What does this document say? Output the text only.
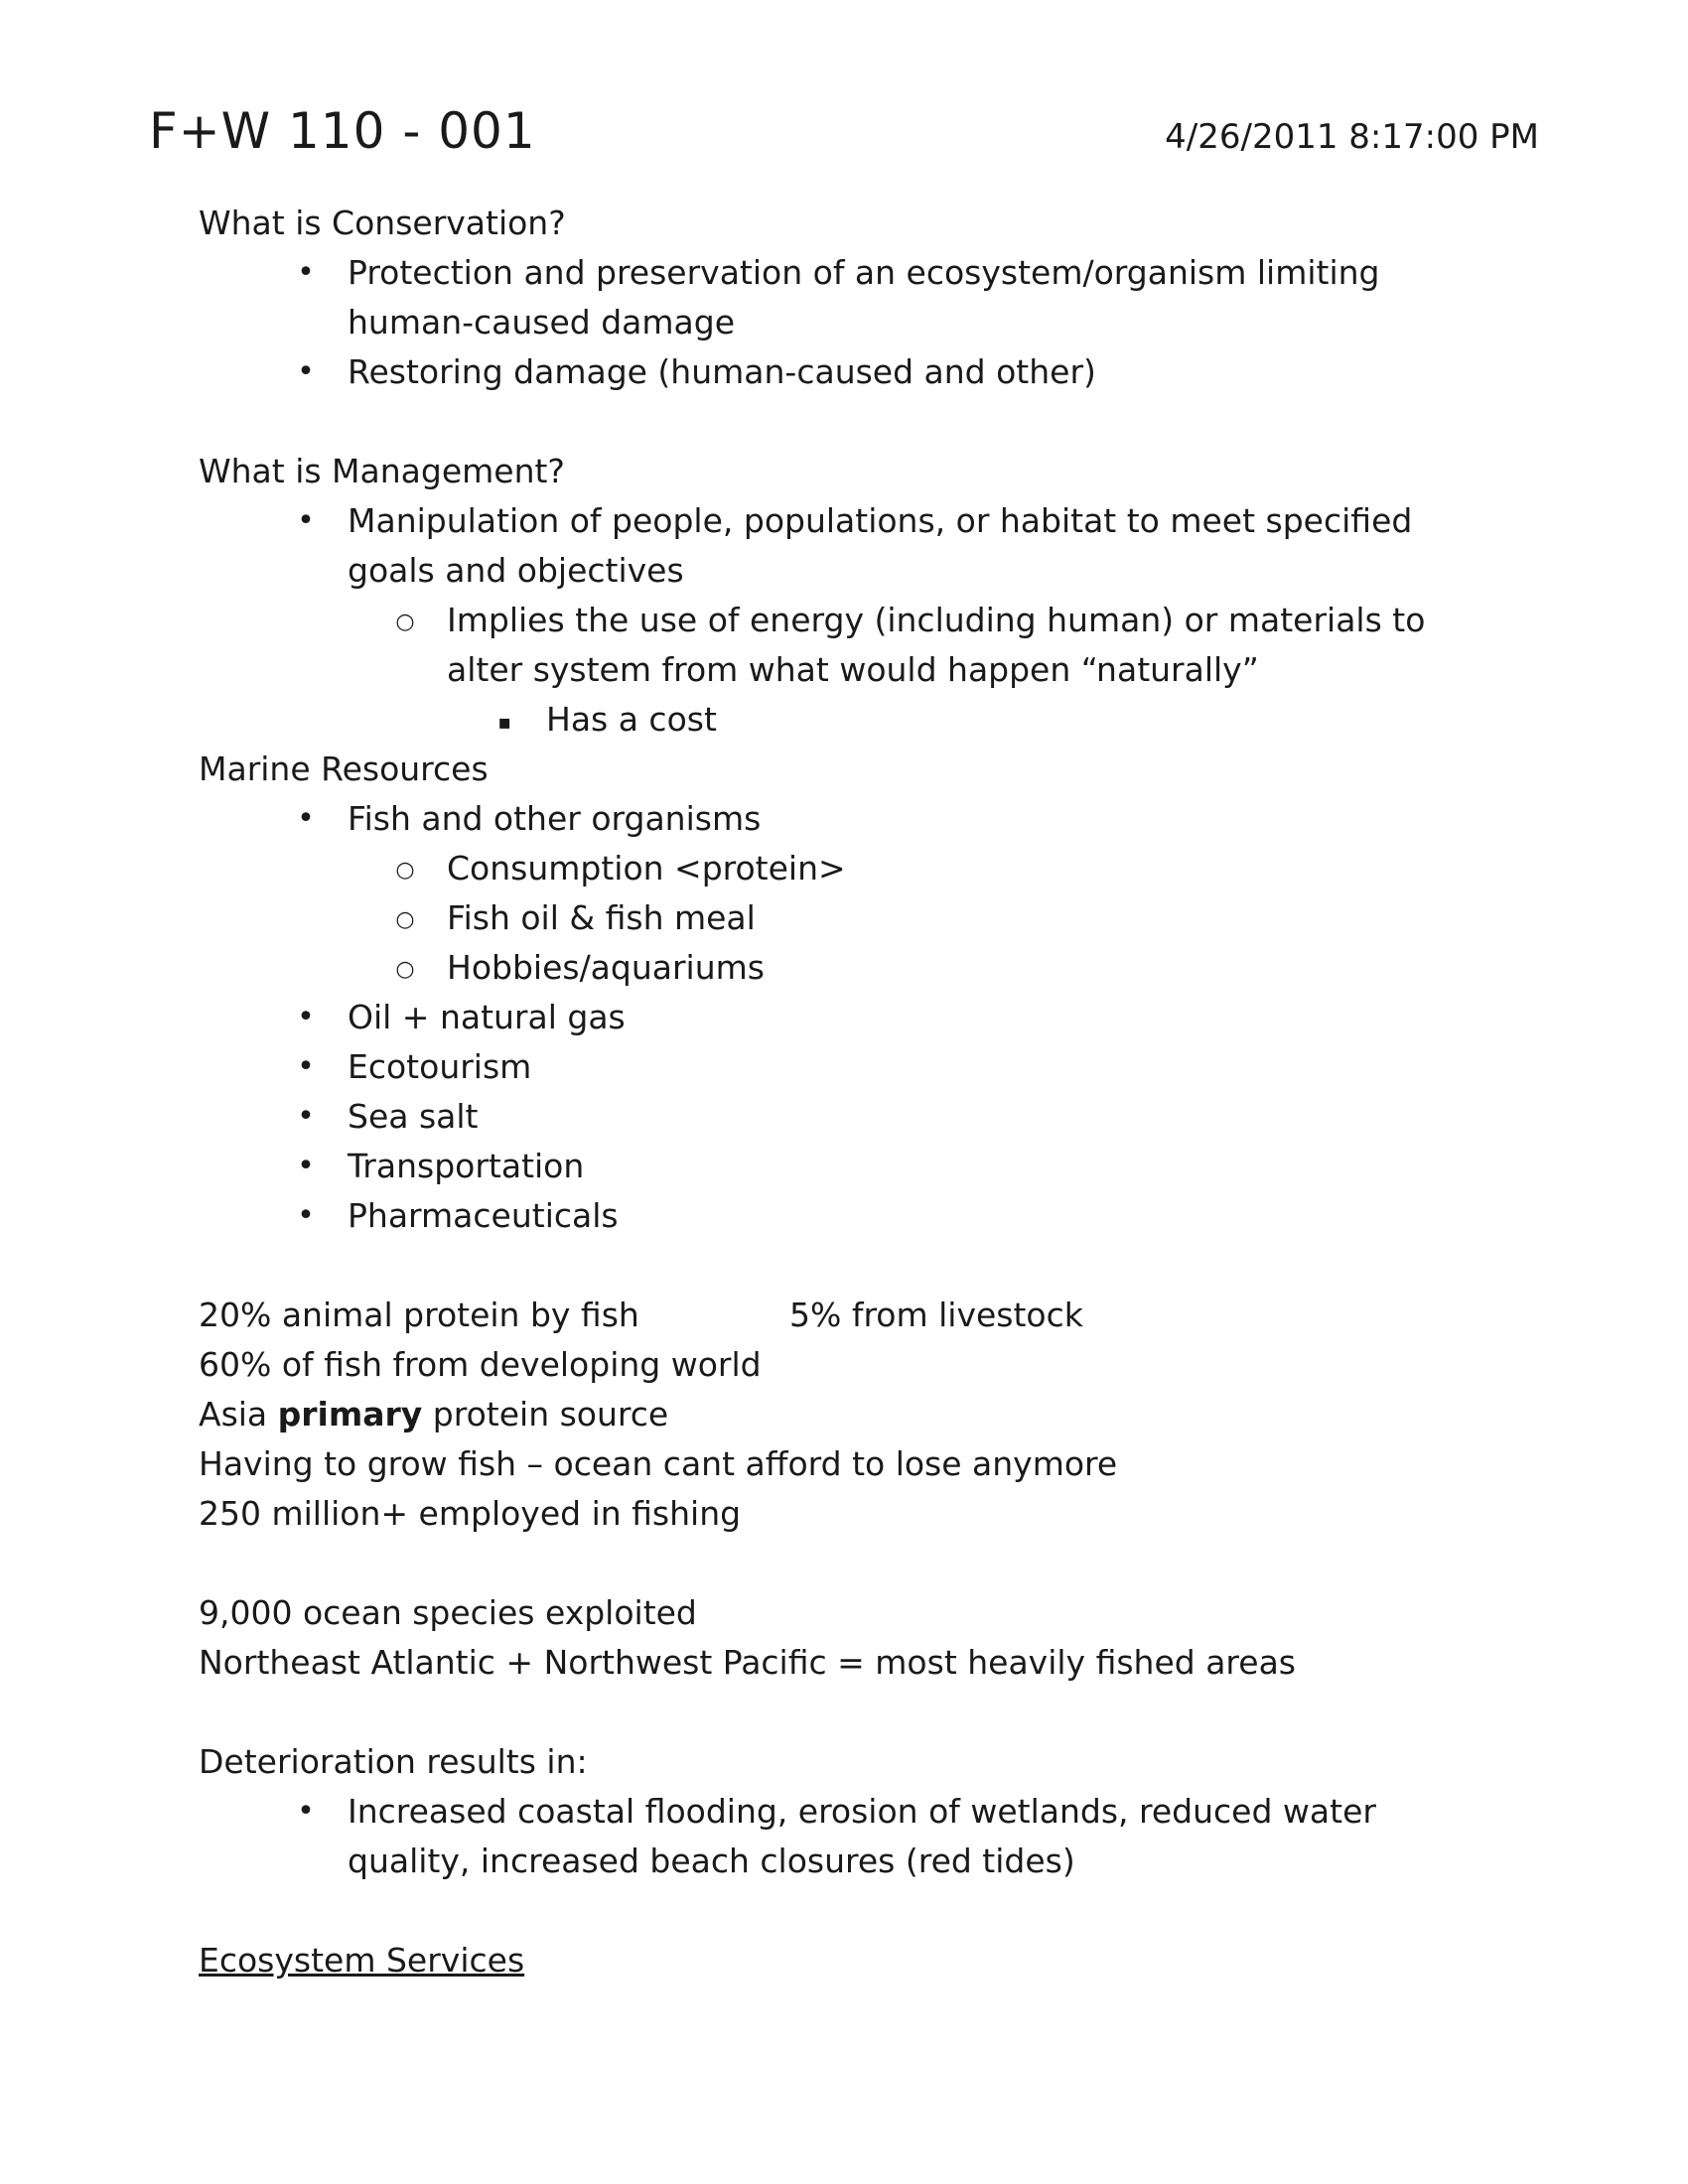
F+W 110 - 001	4/26/2011 8:17:00 PM
What is Conservation?
• Protection and preservation of an ecosystem/organism limiting
human-caused damage
• Restoring damage (human-caused and other)
What is Management?
• Manipulation of people, populations, or habitat to meet specified
goals and objectives
○ Implies the use of energy (including human) or materials to
alter system from what would happen “naturally”
▪ Has a cost
Marine Resources
• Fish and other organisms
○ Consumption <protein>
○ Fish oil & fish meal
○ Hobbies/aquariums
• Oil + natural gas
• Ecotourism
• Sea salt
• Transportation
• Pharmaceuticals
20% animal protein by fish	5% from livestock
60% of fish from developing world
Asia primary protein source
Having to grow fish – ocean cant afford to lose anymore
250 million+ employed in fishing
9,000 ocean species exploited
Northeast Atlantic + Northwest Pacific = most heavily fished areas
Deterioration results in:
• Increased coastal flooding, erosion of wetlands, reduced water
quality, increased beach closures (red tides)
Ecosystem Services
